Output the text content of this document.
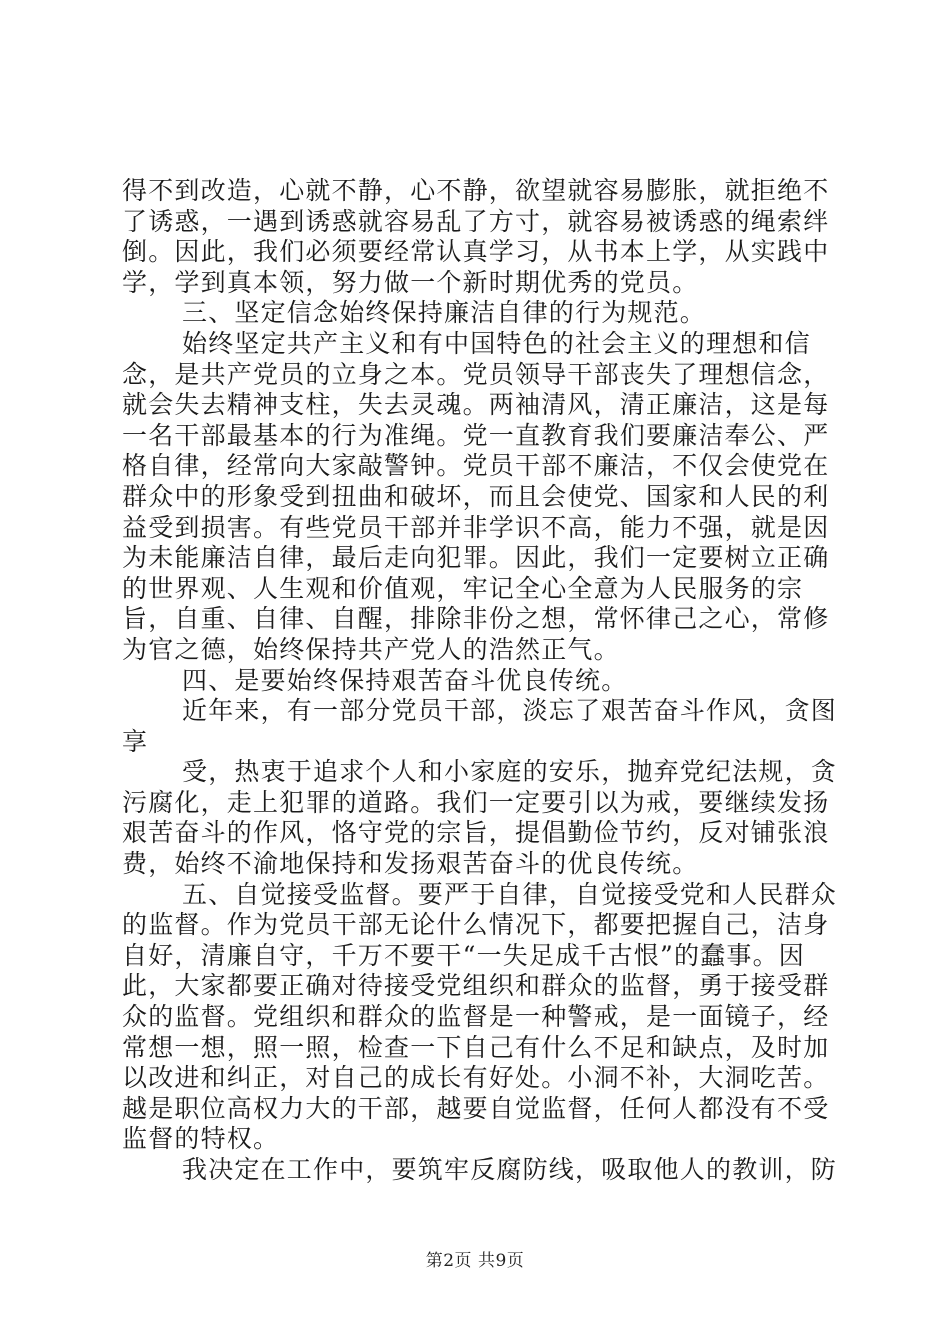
得不到改造，心就不静，心不静，欲望就容易膨胀，就拒绝不了诱惑，一遇到诱惑就容易乱了方寸，就容易被诱惑的绳索绊倒。因此，我们必须要经常认真学习，从书本上学，从实践中学，学到真本领，努力做一个新时期优秀的党员。

三、坚定信念始终保持廉洁自律的行为规范。

始终坚定共产主义和有中国特色的社会主义的理想和信念，是共产党员的立身之本。党员领导干部丧失了理想信念，就会失去精神支柱，失去灵魂。两袖清风，清正廉洁，这是每一名干部最基本的行为准绳。党一直教育我们要廉洁奉公、严格自律，经常向大家敲警钟。党员干部不廉洁，不仅会使党在群众中的形象受到扭曲和破坏，而且会使党、国家和人民的利益受到损害。有些党员干部并非学识不高，能力不强，就是因为未能廉洁自律，最后走向犯罪。因此，我们一定要树立正确的世界观、人生观和价值观，牢记全心全意为人民服务的宗旨，自重、自律、自醒，排除非份之想，常怀律己之心，常修为官之德，始终保持共产党人的浩然正气。

四、是要始终保持艰苦奋斗优良传统。

近年来，有一部分党员干部，淡忘了艰苦奋斗作风，贪图享

受，热衷于追求个人和小家庭的安乐，抛弃党纪法规，贪污腐化，走上犯罪的道路。我们一定要引以为戒，要继续发扬艰苦奋斗的作风，恪守党的宗旨，提倡勤俭节约，反对铺张浪费，始终不渝地保持和发扬艰苦奋斗的优良传统。

五、自觉接受监督。要严于自律，自觉接受党和人民群众的监督。作为党员干部无论什么情况下，都要把握自己，洁身自好，清廉自守，千万不要干“一失足成千古恨”的蠢事。因此，大家都要正确对待接受党组织和群众的监督，勇于接受群众的监督。党组织和群众的监督是一种警戒，是一面镜子，经常想一想，照一照，检查一下自己有什么不足和缺点，及时加以改进和纠正，对自己的成长有好处。小洞不补，大洞吃苦。越是职位高权力大的干部，越要自觉监督，任何人都没有不受监督的特权。

我决定在工作中，要筑牢反腐防线，吸取他人的教训，防

第2页 共9页
